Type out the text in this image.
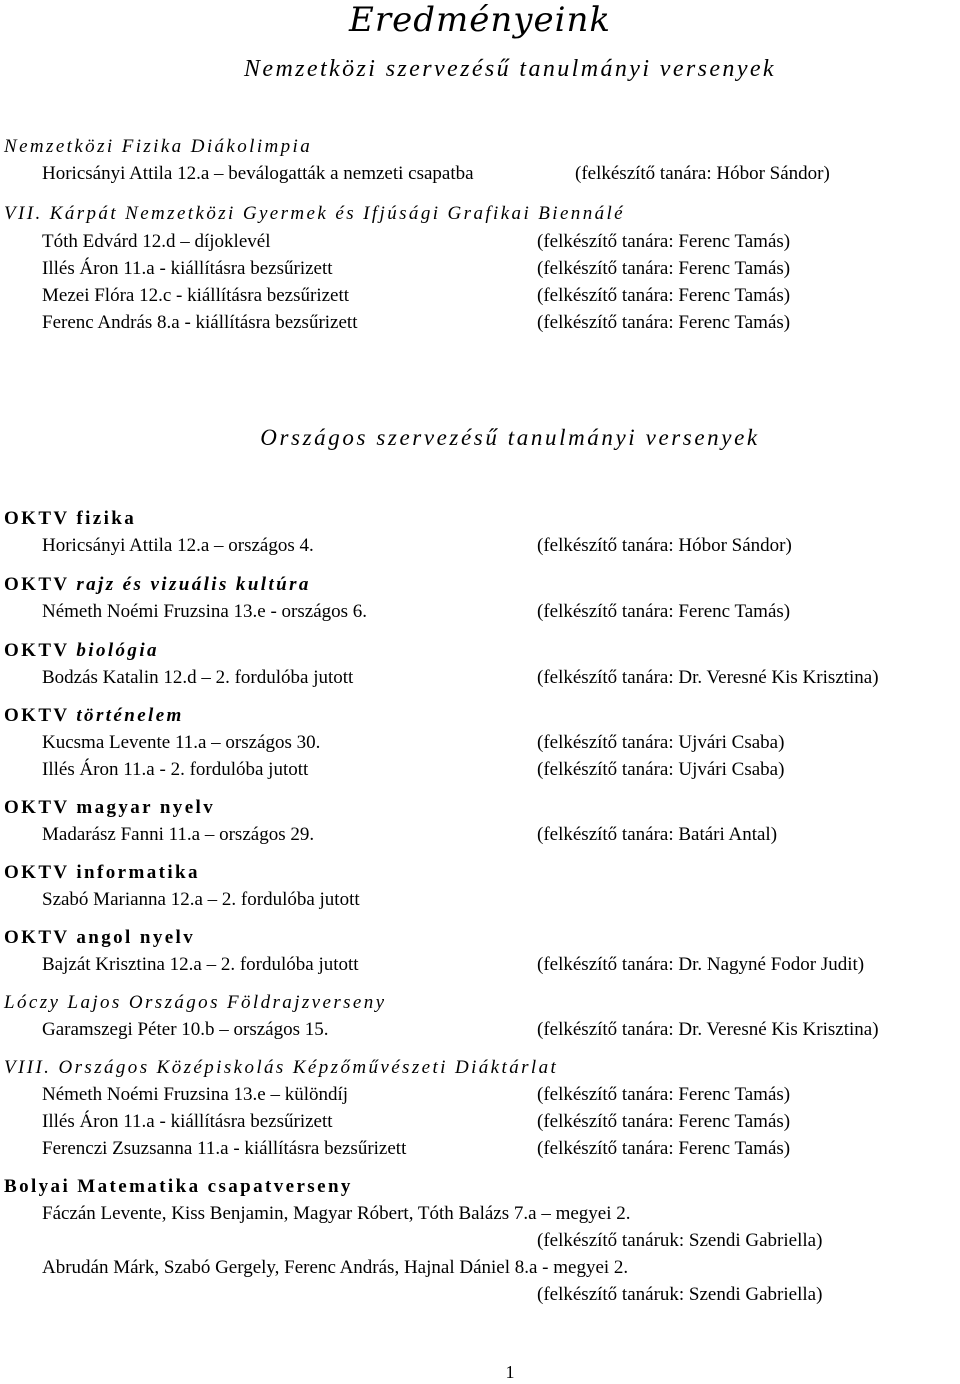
Eredményeink
Nemzetközi szervezésű tanulmányi versenyek
Országos szervezésű tanulmányi versenyek
Nemzetközi Fizika Diákolimpia
Horicsányi Attila 12.a – beválogatták a nemzeti csapatba	(felkészítő tanára: Hóbor Sándor)
VII. Kárpát Nemzetközi Gyermek és Ifjúsági Grafikai Biennálé
Tóth Edvárd 12.d – díjoklevél	(felkészítő tanára: Ferenc Tamás)
Illés Áron 11.a - kiállításra bezsűrizett	(felkészítő tanára: Ferenc Tamás)
Mezei Flóra 12.c - kiállításra bezsűrizett	(felkészítő tanára: Ferenc Tamás)
Ferenc András 8.a - kiállításra bezsűrizett	(felkészítő tanára: Ferenc Tamás)
OKTV fizika
Horicsányi Attila 12.a – országos 4.	(felkészítő tanára: Hóbor Sándor)
OKTV rajz és vizuális kultúra
Németh Noémi Fruzsina 13.e - országos 6.	(felkészítő tanára: Ferenc Tamás)
OKTV biológia
Bodzás Katalin 12.d – 2. fordulóba jutott	(felkészítő tanára: Dr. Veresné Kis Krisztina)
OKTV történelem
Kucsma Levente 11.a – országos 30.	(felkészítő tanára: Ujvári Csaba)
Illés Áron 11.a - 2. fordulóba jutott	(felkészítő tanára: Ujvári Csaba)
OKTV magyar nyelv
Madarász Fanni 11.a – országos 29.	(felkészítő tanára: Batári Antal)
OKTV informatika
Szabó Marianna 12.a – 2. fordulóba jutott
OKTV angol nyelv
Bajzát Krisztina 12.a – 2. fordulóba jutott	(felkészítő tanára: Dr. Nagyné Fodor Judit)
Lóczy Lajos Országos Földrajzverseny
Garamszegi Péter 10.b – országos 15.	(felkészítő tanára: Dr. Veresné Kis Krisztina)
VIII. Országos Középiskolás Képzőművészeti Diáktárlat
Németh Noémi Fruzsina 13.e – különdíj	(felkészítő tanára: Ferenc Tamás)
Illés Áron 11.a - kiállításra bezsűrizett	(felkészítő tanára: Ferenc Tamás)
Ferenczi Zsuzsanna 11.a - kiállításra bezsűrizett	(felkészítő tanára: Ferenc Tamás)
Bolyai Matematika csapatverseny
Fáczán Levente, Kiss Benjamin, Magyar Róbert, Tóth Balázs 7.a – megyei 2.
(felkészítő tanáruk: Szendi Gabriella)
Abrudán Márk, Szabó Gergely, Ferenc András, Hajnal Dániel 8.a - megyei 2.
(felkészítő tanáruk: Szendi Gabriella)
1
